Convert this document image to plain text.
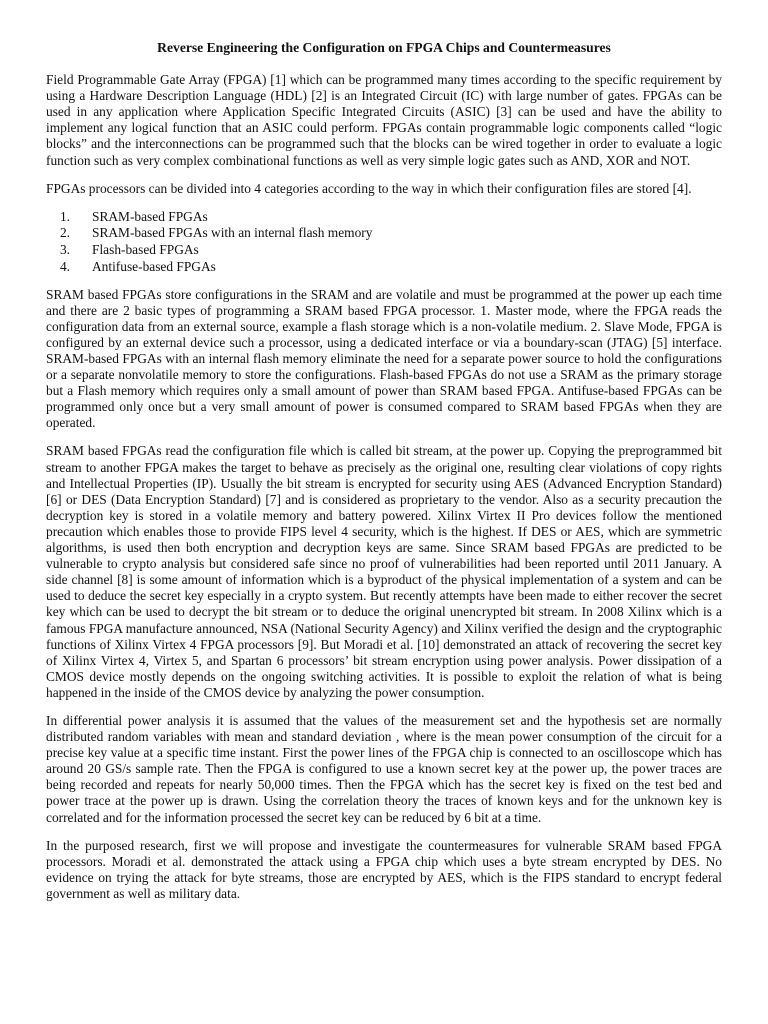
Reverse Engineering the Configuration on FPGA Chips and Countermeasures

Field Programmable Gate Array (FPGA) [1] which can be programmed many times according to the specific requirement by using a Hardware Description Language (HDL) [2] is an Integrated Circuit (IC) with large number of gates. FPGAs can be used in any application where Application Specific Integrated Circuits (ASIC) [3] can be used and have the ability to implement any logical function that an ASIC could perform. FPGAs contain programmable logic components called “logic blocks” and the interconnections can be programmed such that the blocks can be wired together in order to evaluate a logic function such as very complex combinational functions as well as very simple logic gates such as AND, XOR and NOT.

FPGAs processors can be divided into 4 categories according to the way in which their configuration files are stored [4].

1.	SRAM-based FPGAs
2.	SRAM-based FPGAs with an internal flash memory
3.	Flash-based FPGAs
4.	Antifuse-based FPGAs

SRAM based FPGAs store configurations in the SRAM and are volatile and must be programmed at the power up each time and there are 2 basic types of programming a SRAM based FPGA processor. 1. Master mode, where the FPGA reads the configuration data from an external source, example a flash storage which is a non-volatile medium. 2. Slave Mode, FPGA is configured by an external device such a processor, using a dedicated interface or via a boundary-scan (JTAG) [5] interface. SRAM-based FPGAs with an internal flash memory eliminate the need for a separate power source to hold the configurations or a separate nonvolatile memory to store the configurations. Flash-based FPGAs do not use a SRAM as the primary storage but a Flash memory which requires only a small amount of power than SRAM based FPGA. Antifuse-based FPGAs can be programmed only once but a very small amount of power is consumed compared to SRAM based FPGAs when they are operated.

SRAM based FPGAs read the configuration file which is called bit stream, at the power up. Copying the preprogrammed bit stream to another FPGA makes the target to behave as precisely as the original one, resulting clear violations of copy rights and Intellectual Properties (IP). Usually the bit stream is encrypted for security using AES (Advanced Encryption Standard) [6] or DES (Data Encryption Standard) [7] and is considered as proprietary to the vendor. Also as a security precaution the decryption key is stored in a volatile memory and battery powered. Xilinx Virtex II Pro devices follow the mentioned precaution which enables those to provide FIPS level 4 security, which is the highest. If DES or AES, which are symmetric algorithms, is used then both encryption and decryption keys are same. Since SRAM based FPGAs are predicted to be vulnerable to crypto analysis but considered safe since no proof of vulnerabilities had been reported until 2011 January. A side channel [8] is some amount of information which is a byproduct of the physical implementation of a system and can be used to deduce the secret key especially in a crypto system. But recently attempts have been made to either recover the secret key which can be used to decrypt the bit stream or to deduce the original unencrypted bit stream. In 2008 Xilinx which is a famous FPGA manufacture announced, NSA (National Security Agency) and Xilinx verified the design and the cryptographic functions of Xilinx Virtex 4 FPGA processors [9]. But Moradi et al. [10] demonstrated an attack of recovering the secret key of Xilinx Virtex 4, Virtex 5, and Spartan 6 processors’ bit stream encryption using power analysis. Power dissipation of a CMOS device mostly depends on the ongoing switching activities. It is possible to exploit the relation of what is being happened in the inside of the CMOS device by analyzing the power consumption.

In differential power analysis it is assumed that the values of the measurement set and the hypothesis set are normally distributed random variables with mean and standard deviation , where is the mean power consumption of the circuit for a precise key value at a specific time instant. First the power lines of the FPGA chip is connected to an oscilloscope which has around 20 GS/s sample rate. Then the FPGA is configured to use a known secret key at the power up, the power traces are being recorded and repeats for nearly 50,000 times. Then the FPGA which has the secret key is fixed on the test bed and power trace at the power up is drawn. Using the correlation theory the traces of known keys and for the unknown key is correlated and for the information processed the secret key can be reduced by 6 bit at a time.

In the purposed research, first we will propose and investigate the countermeasures for vulnerable SRAM based FPGA processors. Moradi et al. demonstrated the attack using a FPGA chip which uses a byte stream encrypted by DES. No evidence on trying the attack for byte streams, those are encrypted by AES, which is the FIPS standard to encrypt federal government as well as military data.
